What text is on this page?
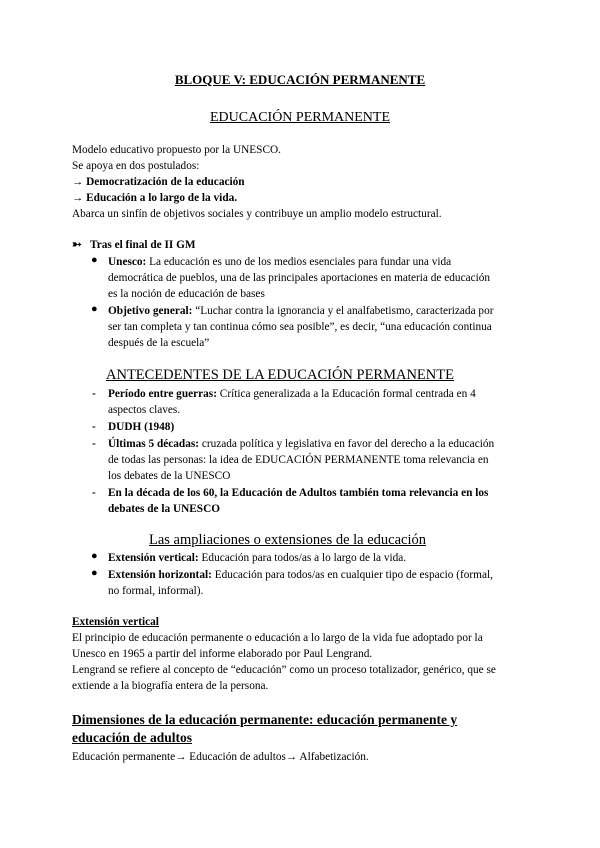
BLOQUE V: EDUCACIÓN PERMANENTE
EDUCACIÓN PERMANENTE
Modelo educativo propuesto por la UNESCO.
Se apoya en dos postulados:
→ Democratización de la educación
→ Educación a lo largo de la vida.
Abarca un sinfín de objetivos sociales y contribuye un amplio modelo estructural.
➳ Tras el final de II GM
● Unesco: La educación es uno de los medios esenciales para fundar una vida
democrática de pueblos, una de las principales aportaciones en materia de educación
es la noción de educación de bases
● Objetivo general: “Luchar contra la ignorancia y el analfabetismo, caracterizada por
ser tan completa y tan continua cómo sea posible”, es decir, “una educación continua
después de la escuela”
ANTECEDENTES DE LA EDUCACIÓN PERMANENTE
- Período entre guerras: Crítica generalizada a la Educación formal centrada en 4
aspectos claves.
- DUDH (1948)
- Últimas 5 décadas: cruzada política y legislativa en favor del derecho a la educación
de todas las personas: la idea de EDUCACIÓN PERMANENTE toma relevancia en
los debates de la UNESCO
- En la década de los 60, la Educación de Adultos también toma relevancia en los
debates de la UNESCO
Las ampliaciones o extensiones de la educación
● Extensión vertical: Educación para todos/as a lo largo de la vida.
● Extensión horizontal: Educación para todos/as en cualquier tipo de espacio (formal,
no formal, informal).
Extensión vertical
El principio de educación permanente o educación a lo largo de la vida fue adoptado por la
Unesco en 1965 a partir del informe elaborado por Paul Lengrand.
Lengrand se refiere al concepto de “educación” como un proceso totalizador, genérico, que se
extiende a la biografía entera de la persona.
Dimensiones de la educación permanente: educación permanente y
educación de adultos
Educación permanente→ Educación de adultos→ Alfabetización.
